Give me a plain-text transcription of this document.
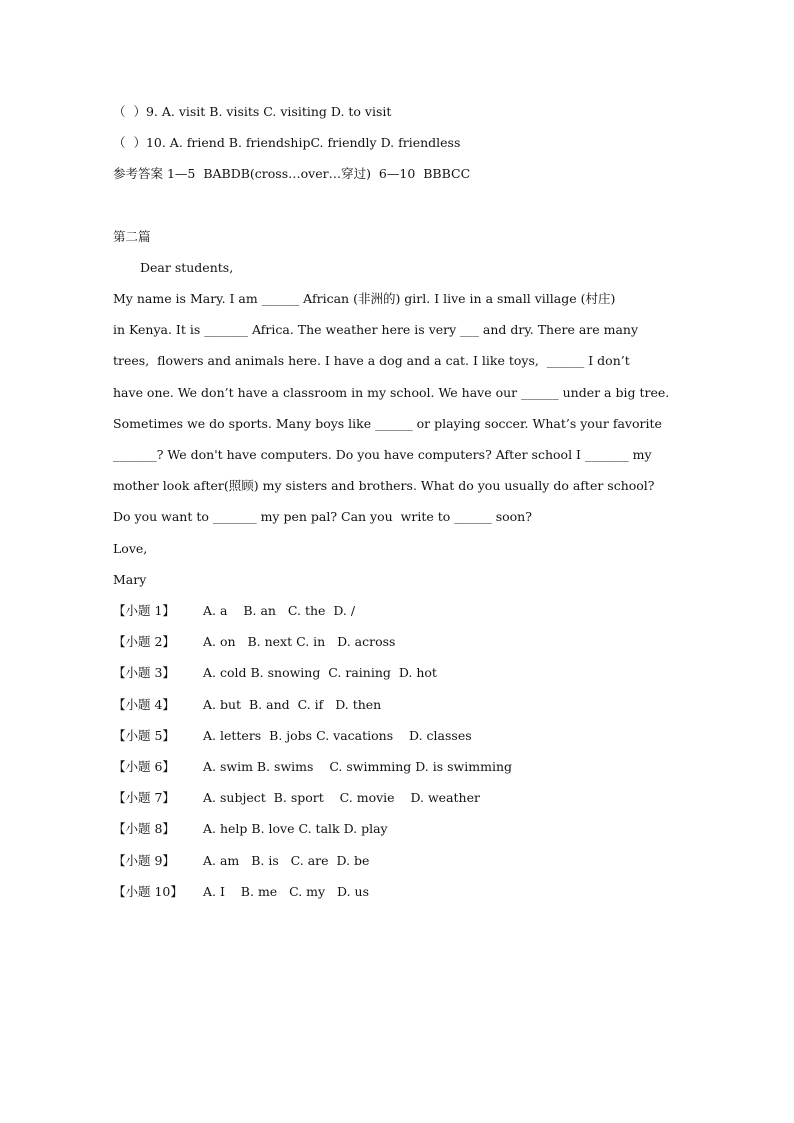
（  ）9. A. visit B. visits C. visiting D. to visit
（  ）10. A. friend B. friendshipC. friendly D. friendless
参考答案 1—5  BABDB(cross…over…穿过)  6—10  BBBCC
第二篇
Dear students,
My name is Mary. I am ______ African (非洲的) girl. I live in a small village (村庄)
in Kenya. It is _______ Africa. The weather here is very ___ and dry. There are many
trees,  flowers and animals here. I have a dog and a cat. I like toys,  ______ I don’t
have one. We don’t have a classroom in my school. We have our ______ under a big tree.
Sometimes we do sports. Many boys like ______ or playing soccer. What’s your favorite
_______? We don't have computers. Do you have computers? After school I _______ my
mother look after(照顾) my sisters and brothers. What do you usually do after school?
Do you want to _______ my pen pal? Can you  write to ______ soon?
Love,
Mary
【小题 1】 A. a    B. an   C. the  D. /
【小题 2】 A. on   B. next C. in   D. across
【小题 3】 A. cold B. snowing  C. raining  D. hot
【小题 4】 A. but  B. and  C. if   D. then
【小题 5】 A. letters  B. jobs C. vacations    D. classes
【小题 6】 A. swim B. swims    C. swimming D. is swimming
【小题 7】 A. subject  B. sport    C. movie    D. weather
【小题 8】 A. help B. love C. talk D. play
【小题 9】 A. am   B. is   C. are  D. be
【小题 10】 A. I    B. me   C. my   D. us
